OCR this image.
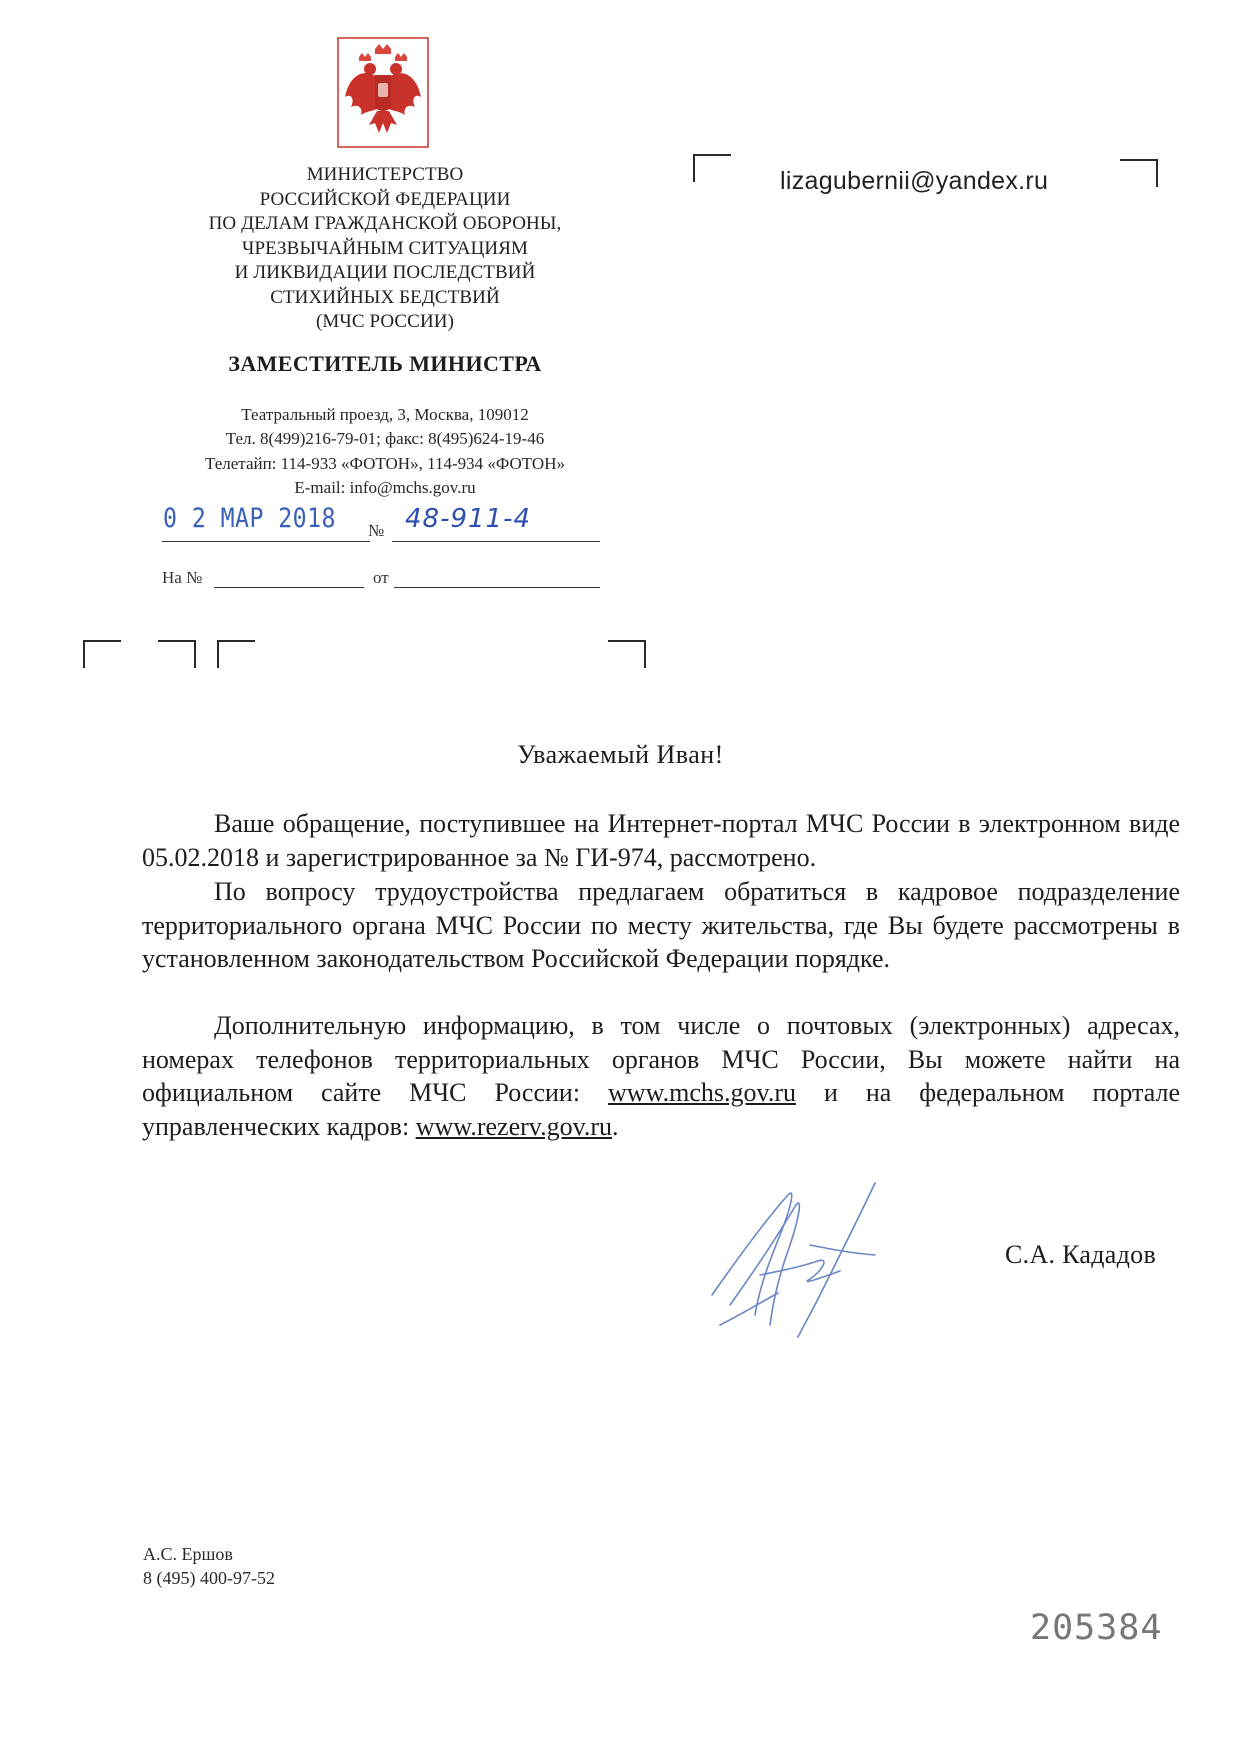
МИНИСТЕРСТВО
РОССИЙСКОЙ ФЕДЕРАЦИИ
ПО ДЕЛАМ ГРАЖДАНСКОЙ ОБОРОНЫ,
ЧРЕЗВЫЧАЙНЫМ СИТУАЦИЯМ
И ЛИКВИДАЦИИ ПОСЛЕДСТВИЙ
СТИХИЙНЫХ БЕДСТВИЙ
(МЧС РОССИИ)
ЗАМЕСТИТЕЛЬ МИНИСТРА
Театральный проезд, 3, Москва, 109012
Тел. 8(499)216-79-01; факс: 8(495)624-19-46
Телетайп: 114-933 «ФОТОН», 114-934 «ФОТОН»
E-mail: info@mchs.gov.ru
0 2 МАР 2018 № 48-911-4
На №	от
lizagubernii@yandex.ru
Уважаемый Иван!

Ваше обращение, поступившее на Интернет-портал МЧС России в электронном виде 05.02.2018 и зарегистрированное за № ГИ-974, рассмотрено.

По вопросу трудоустройства предлагаем обратиться в кадровое подразделение территориального органа МЧС России по месту жительства, где Вы будете рассмотрены в установленном законодательством Российской Федерации порядке.

Дополнительную информацию, в том числе о почтовых (электронных) адресах, номерах телефонов территориальных органов МЧС России, Вы можете найти на официальном сайте МЧС России: www.mchs.gov.ru и на федеральном портале управленческих кадров: www.rezerv.gov.ru.

С.А. Кададов
А.С. Ершов
8 (495) 400-97-52
205384
